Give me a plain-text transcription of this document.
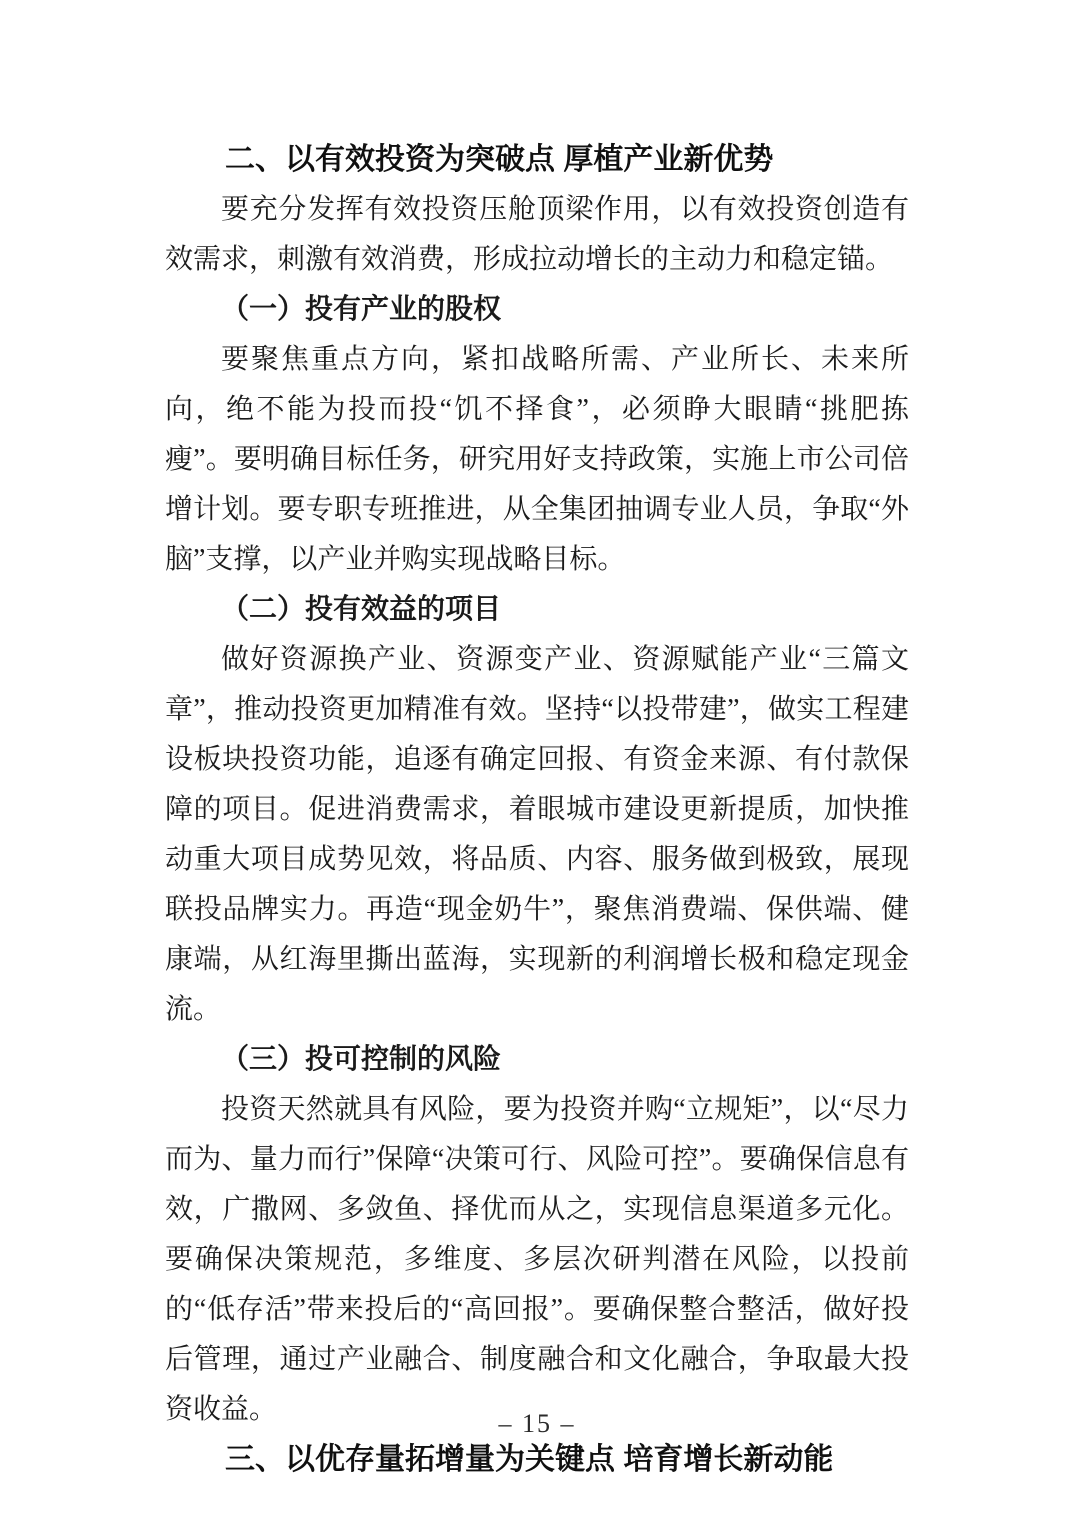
二、以有效投资为突破点 厚植产业新优势

要充分发挥有效投资压舱顶梁作用，以有效投资创造有效需求，刺激有效消费，形成拉动增长的主动力和稳定锚。

（一）投有产业的股权

要聚焦重点方向，紧扣战略所需、产业所长、未来所向，绝不能为投而投“饥不择食”，必须睁大眼睛“挑肥拣瘦”。要明确目标任务，研究用好支持政策，实施上市公司倍增计划。要专职专班推进，从全集团抽调专业人员，争取“外脑”支撑，以产业并购实现战略目标。

（二）投有效益的项目

做好资源换产业、资源变产业、资源赋能产业“三篇文章”，推动投资更加精准有效。坚持“以投带建”，做实工程建设板块投资功能，追逐有确定回报、有资金来源、有付款保障的项目。促进消费需求，着眼城市建设更新提质，加快推动重大项目成势见效，将品质、内容、服务做到极致，展现联投品牌实力。再造“现金奶牛”，聚焦消费端、保供端、健康端，从红海里撕出蓝海，实现新的利润增长极和稳定现金流。

（三）投可控制的风险

投资天然就具有风险，要为投资并购“立规矩”，以“尽力而为、量力而行”保障“决策可行、风险可控”。要确保信息有效，广撒网、多敛鱼、择优而从之，实现信息渠道多元化。要确保决策规范，多维度、多层次研判潜在风险，以投前的“低存活”带来投后的“高回报”。要确保整合整活，做好投后管理，通过产业融合、制度融合和文化融合，争取最大投资收益。

三、以优存量拓增量为关键点 培育增长新动能
– 15 –
